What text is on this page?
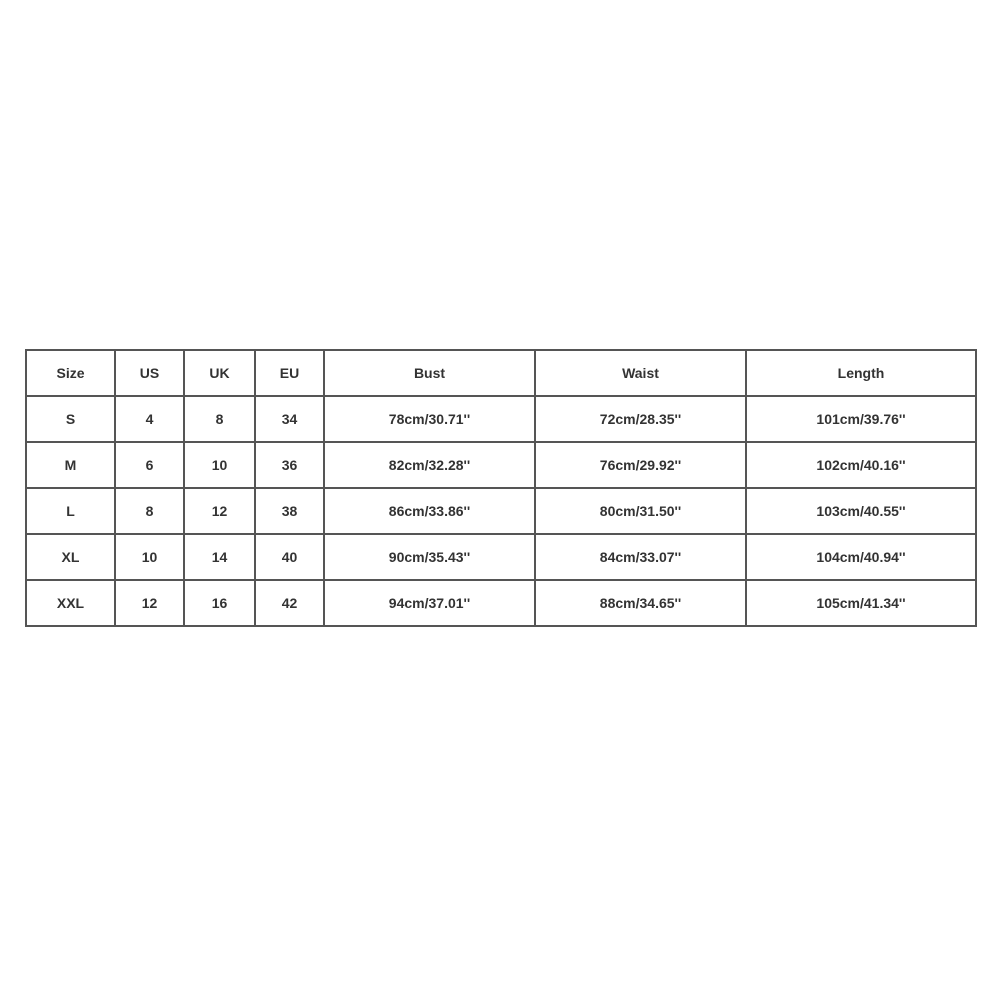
Size	US	UK	EU	Bust	Waist	Length
S	4	8	34	78cm/30.71''	72cm/28.35''	101cm/39.76''
M	6	10	36	82cm/32.28''	76cm/29.92''	102cm/40.16''
L	8	12	38	86cm/33.86''	80cm/31.50''	103cm/40.55''
XL	10	14	40	90cm/35.43''	84cm/33.07''	104cm/40.94''
XXL	12	16	42	94cm/37.01''	88cm/34.65''	105cm/41.34''
